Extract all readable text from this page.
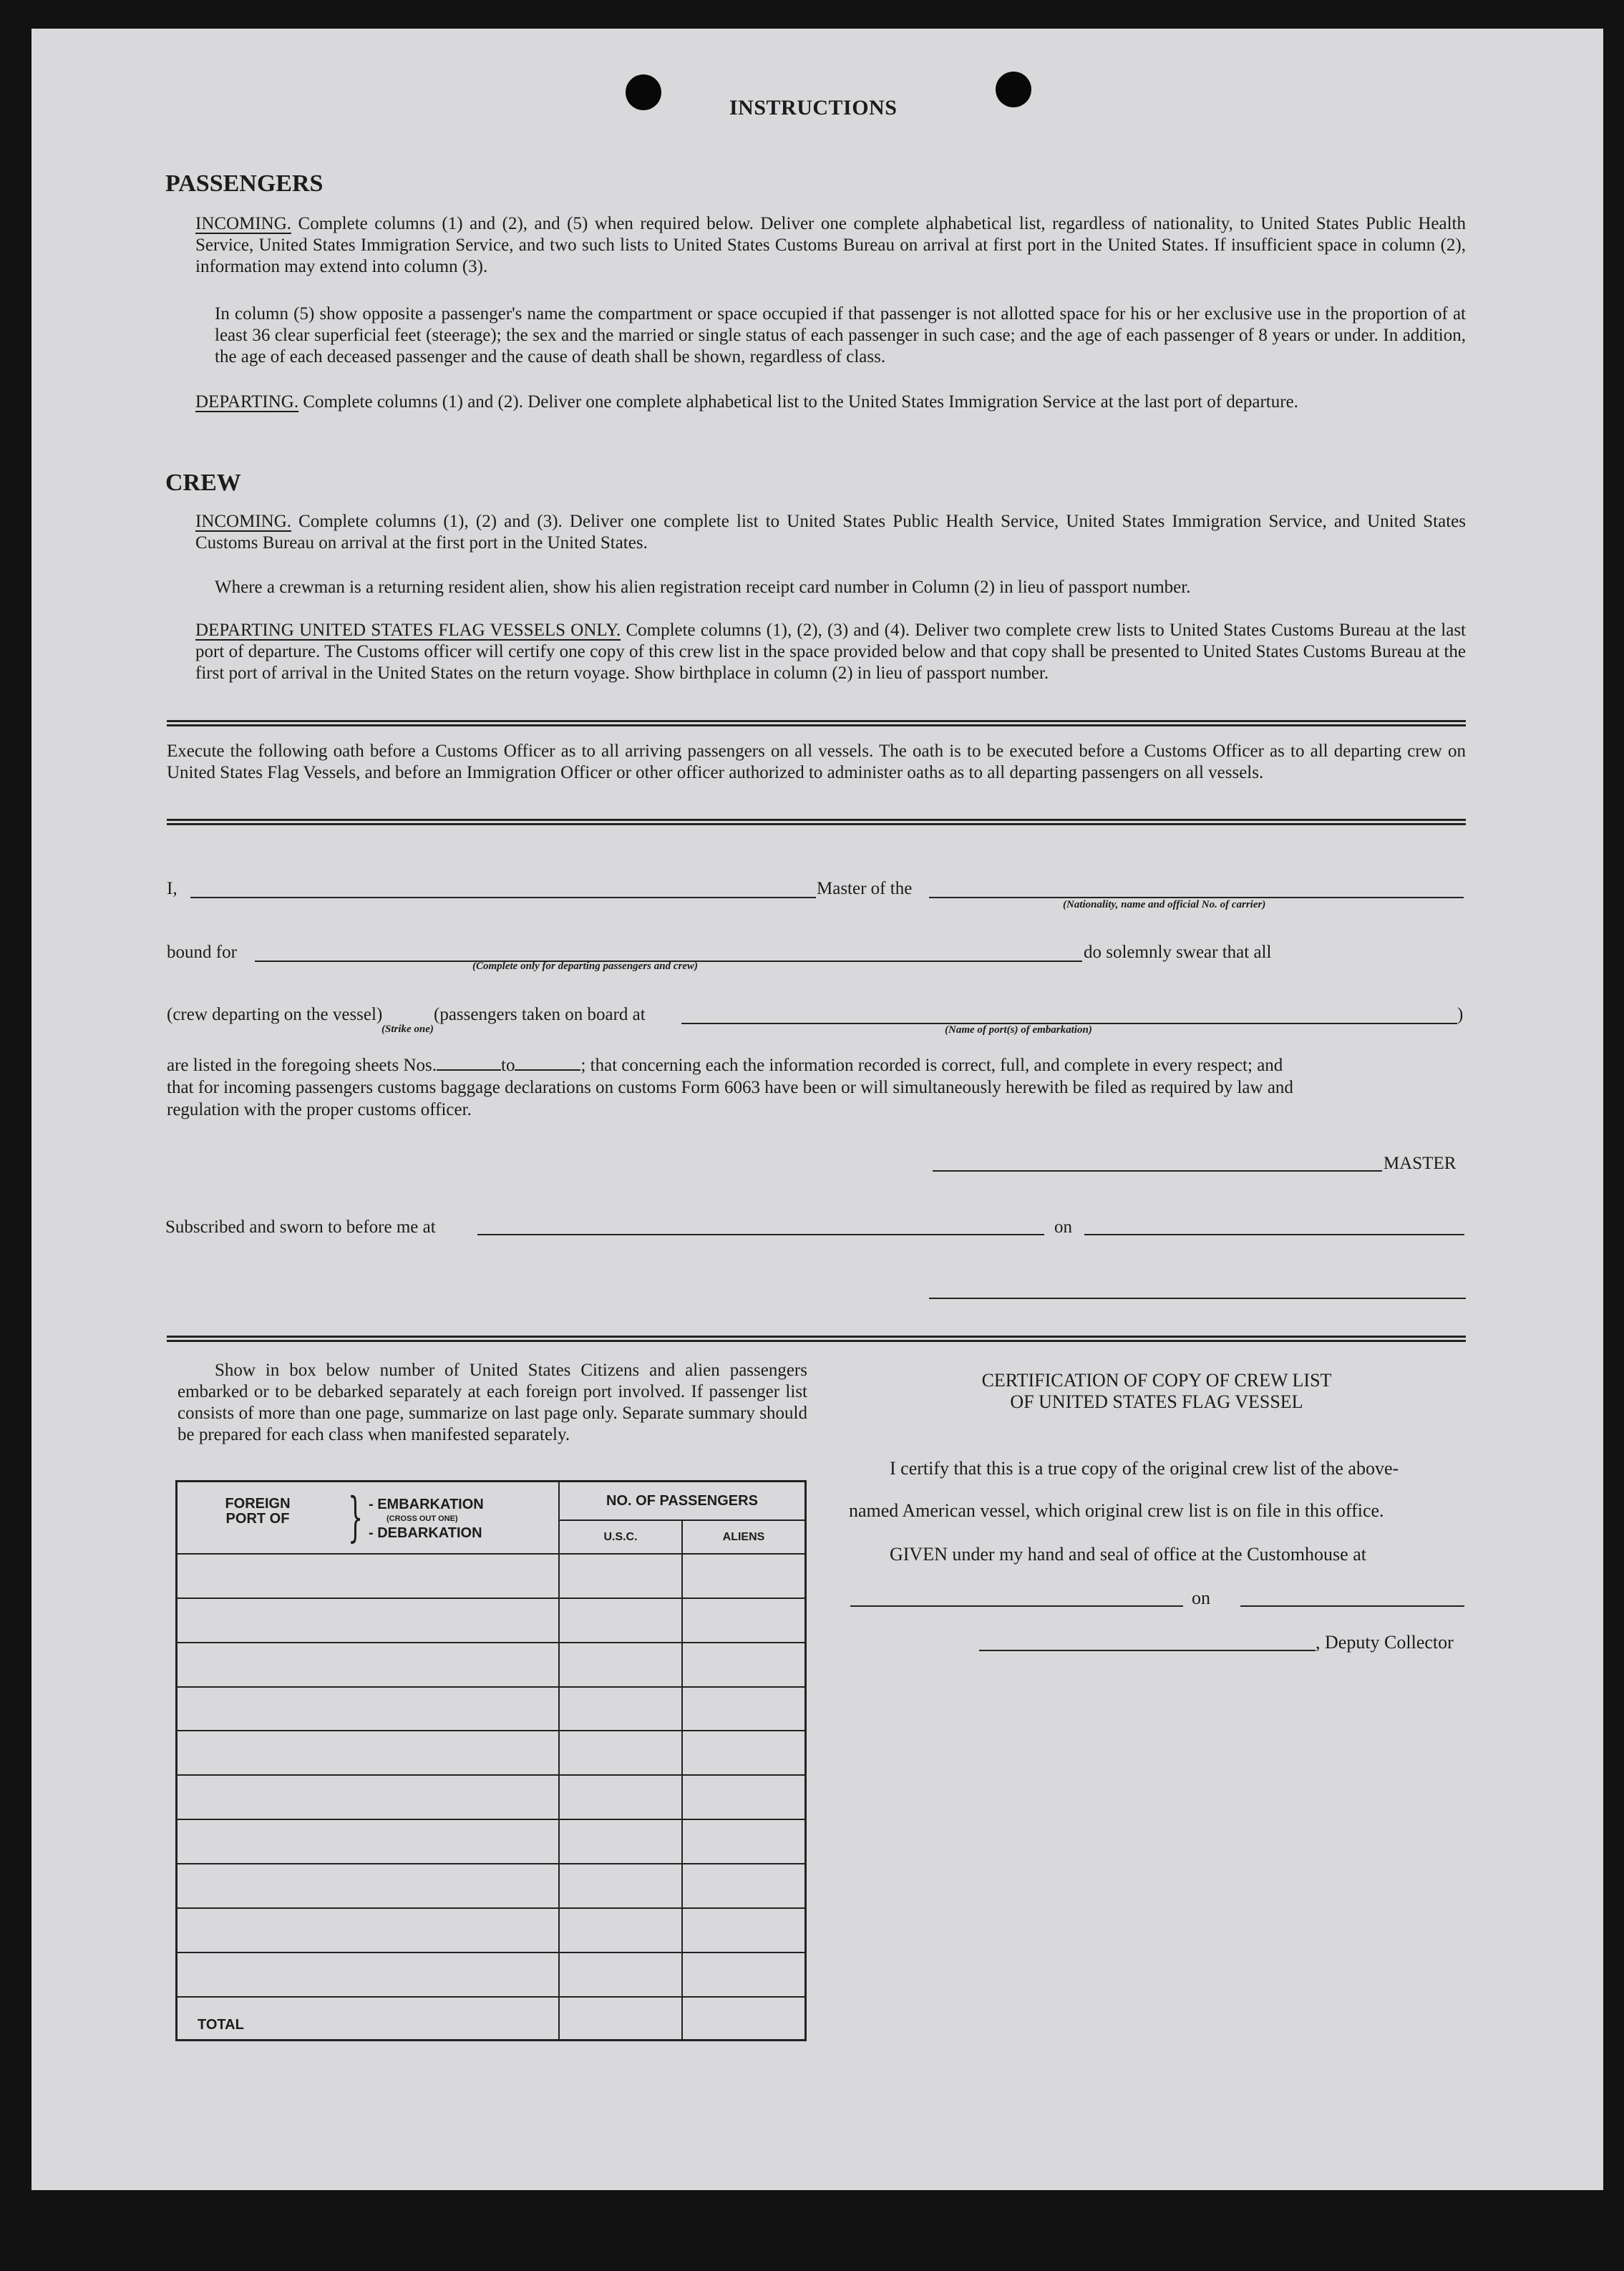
INSTRUCTIONS
PASSENGERS
INCOMING. Complete columns (1) and (2), and (5) when required below. Deliver one complete alphabetical list, regardless of nationality, to United States Public Health Service, United States Immigration Service, and two such lists to United States Customs Bureau on arrival at first port in the United States. If insufficient space in column (2), information may extend into column (3).
In column (5) show opposite a passenger's name the compartment or space occupied if that passenger is not allotted space for his or her exclusive use in the proportion of at least 36 clear superficial feet (steerage); the sex and the married or single status of each passenger in such case; and the age of each passenger of 8 years or under. In addition, the age of each deceased passenger and the cause of death shall be shown, regardless of class.
DEPARTING. Complete columns (1) and (2). Deliver one complete alphabetical list to the United States Immigration Service at the last port of departure.
CREW
INCOMING. Complete columns (1), (2) and (3). Deliver one complete list to United States Public Health Service, United States Immigration Service, and United States Customs Bureau on arrival at the first port in the United States.
Where a crewman is a returning resident alien, show his alien registration receipt card number in Column (2) in lieu of passport number.
DEPARTING UNITED STATES FLAG VESSELS ONLY. Complete columns (1), (2), (3) and (4). Deliver two complete crew lists to United States Customs Bureau at the last port of departure. The Customs officer will certify one copy of this crew list in the space provided below and that copy shall be presented to United States Customs Bureau at the first port of arrival in the United States on the return voyage. Show birthplace in column (2) in lieu of passport number.
Execute the following oath before a Customs Officer as to all arriving passengers on all vessels. The oath is to be executed before a Customs Officer as to all departing crew on United States Flag Vessels, and before an Immigration Officer or other officer authorized to administer oaths as to all departing passengers on all vessels.
I,	Master of the
(Nationality, name and official No. of carrier)
bound for
(Complete only for departing passengers and crew)
do solemnly swear that all
(crew departing on the vessel)
(Strike one)
(passengers taken on board at	)
(Name of port(s) of embarkation)
are listed in the foregoing sheets Nos.	to	; that concerning each the information recorded is correct, full, and complete in every respect; and
that for incoming passengers customs baggage declarations on customs Form 6063 have been or will simultaneously herewith be filed as required by law and
regulation with the proper customs officer.
MASTER
Subscribed and sworn to before me at	on
Show in box below number of United States Citizens and alien passengers embarked or to be debarked separately at each foreign port involved. If passenger list consists of more than one page, summarize on last page only. Separate summary should be prepared for each class when manifested separately.
FOREIGN PORT OF } - EMBARKATION
(CROSS OUT ONE)
- DEBARKATION	NO. OF PASSENGERS	
	U.S.C.	ALIENS

TOTAL		
CERTIFICATION OF COPY OF CREW LIST
OF UNITED STATES FLAG VESSEL
I certify that this is a true copy of the original crew list of the above-
named American vessel, which original crew list is on file in this office.
GIVEN under my hand and seal of office at the Customhouse at
on
, Deputy Collector
